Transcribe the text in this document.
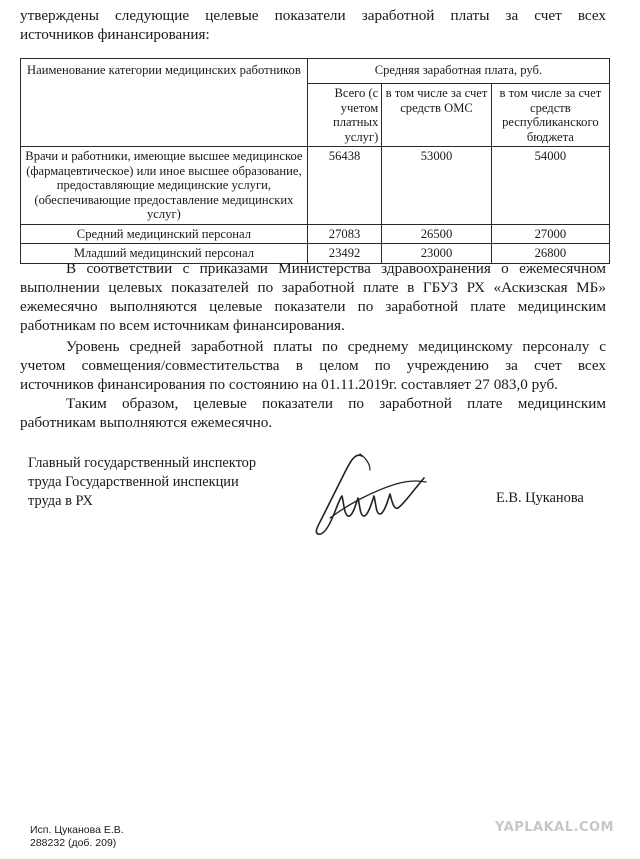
утверждены следующие целевые показатели заработной платы за счет всех
источников финансирования:
Наименование категории медицинских работников	Средняя заработная плата, руб.		
	Всего (с учетом платных услуг)	в том числе за счет средств ОМС	в том числе за счет средств республиканского бюджета
Врачи и работники, имеющие высшее медицинское (фармацевтическое) или иное высшее образование, предоставляющие медицинские услуги, (обеспечивающие предоставление медицинских услуг)	56438	53000	54000
Средний медицинский персонал	27083	26500	27000
Младший медицинский персонал	23492	23000	26800
В соответствии с приказами Министерства здравоохранения о ежемесячном
выполнении целевых показателей по заработной плате в ГБУЗ РХ «Аскизская МБ»
ежемесячно выполняются целевые показатели по заработной плате медицинским
работникам по всем источникам финансирования.
Уровень средней заработной платы по среднему медицинскому персоналу с
учетом совмещения/совместительства в целом по учреждению за счет всех
источников финансирования по состоянию на 01.11.2019г. составляет 27 083,0 руб.
Таким образом, целевые показатели по заработной плате медицинским
работникам выполняются ежемесячно.
Главный государственный инспектор
труда Государственной инспекции
труда в РХ	Е.В. Цуканова
Исп. Цуканова Е.В.
288232 (доб. 209)
YAPLAKAL.COM
